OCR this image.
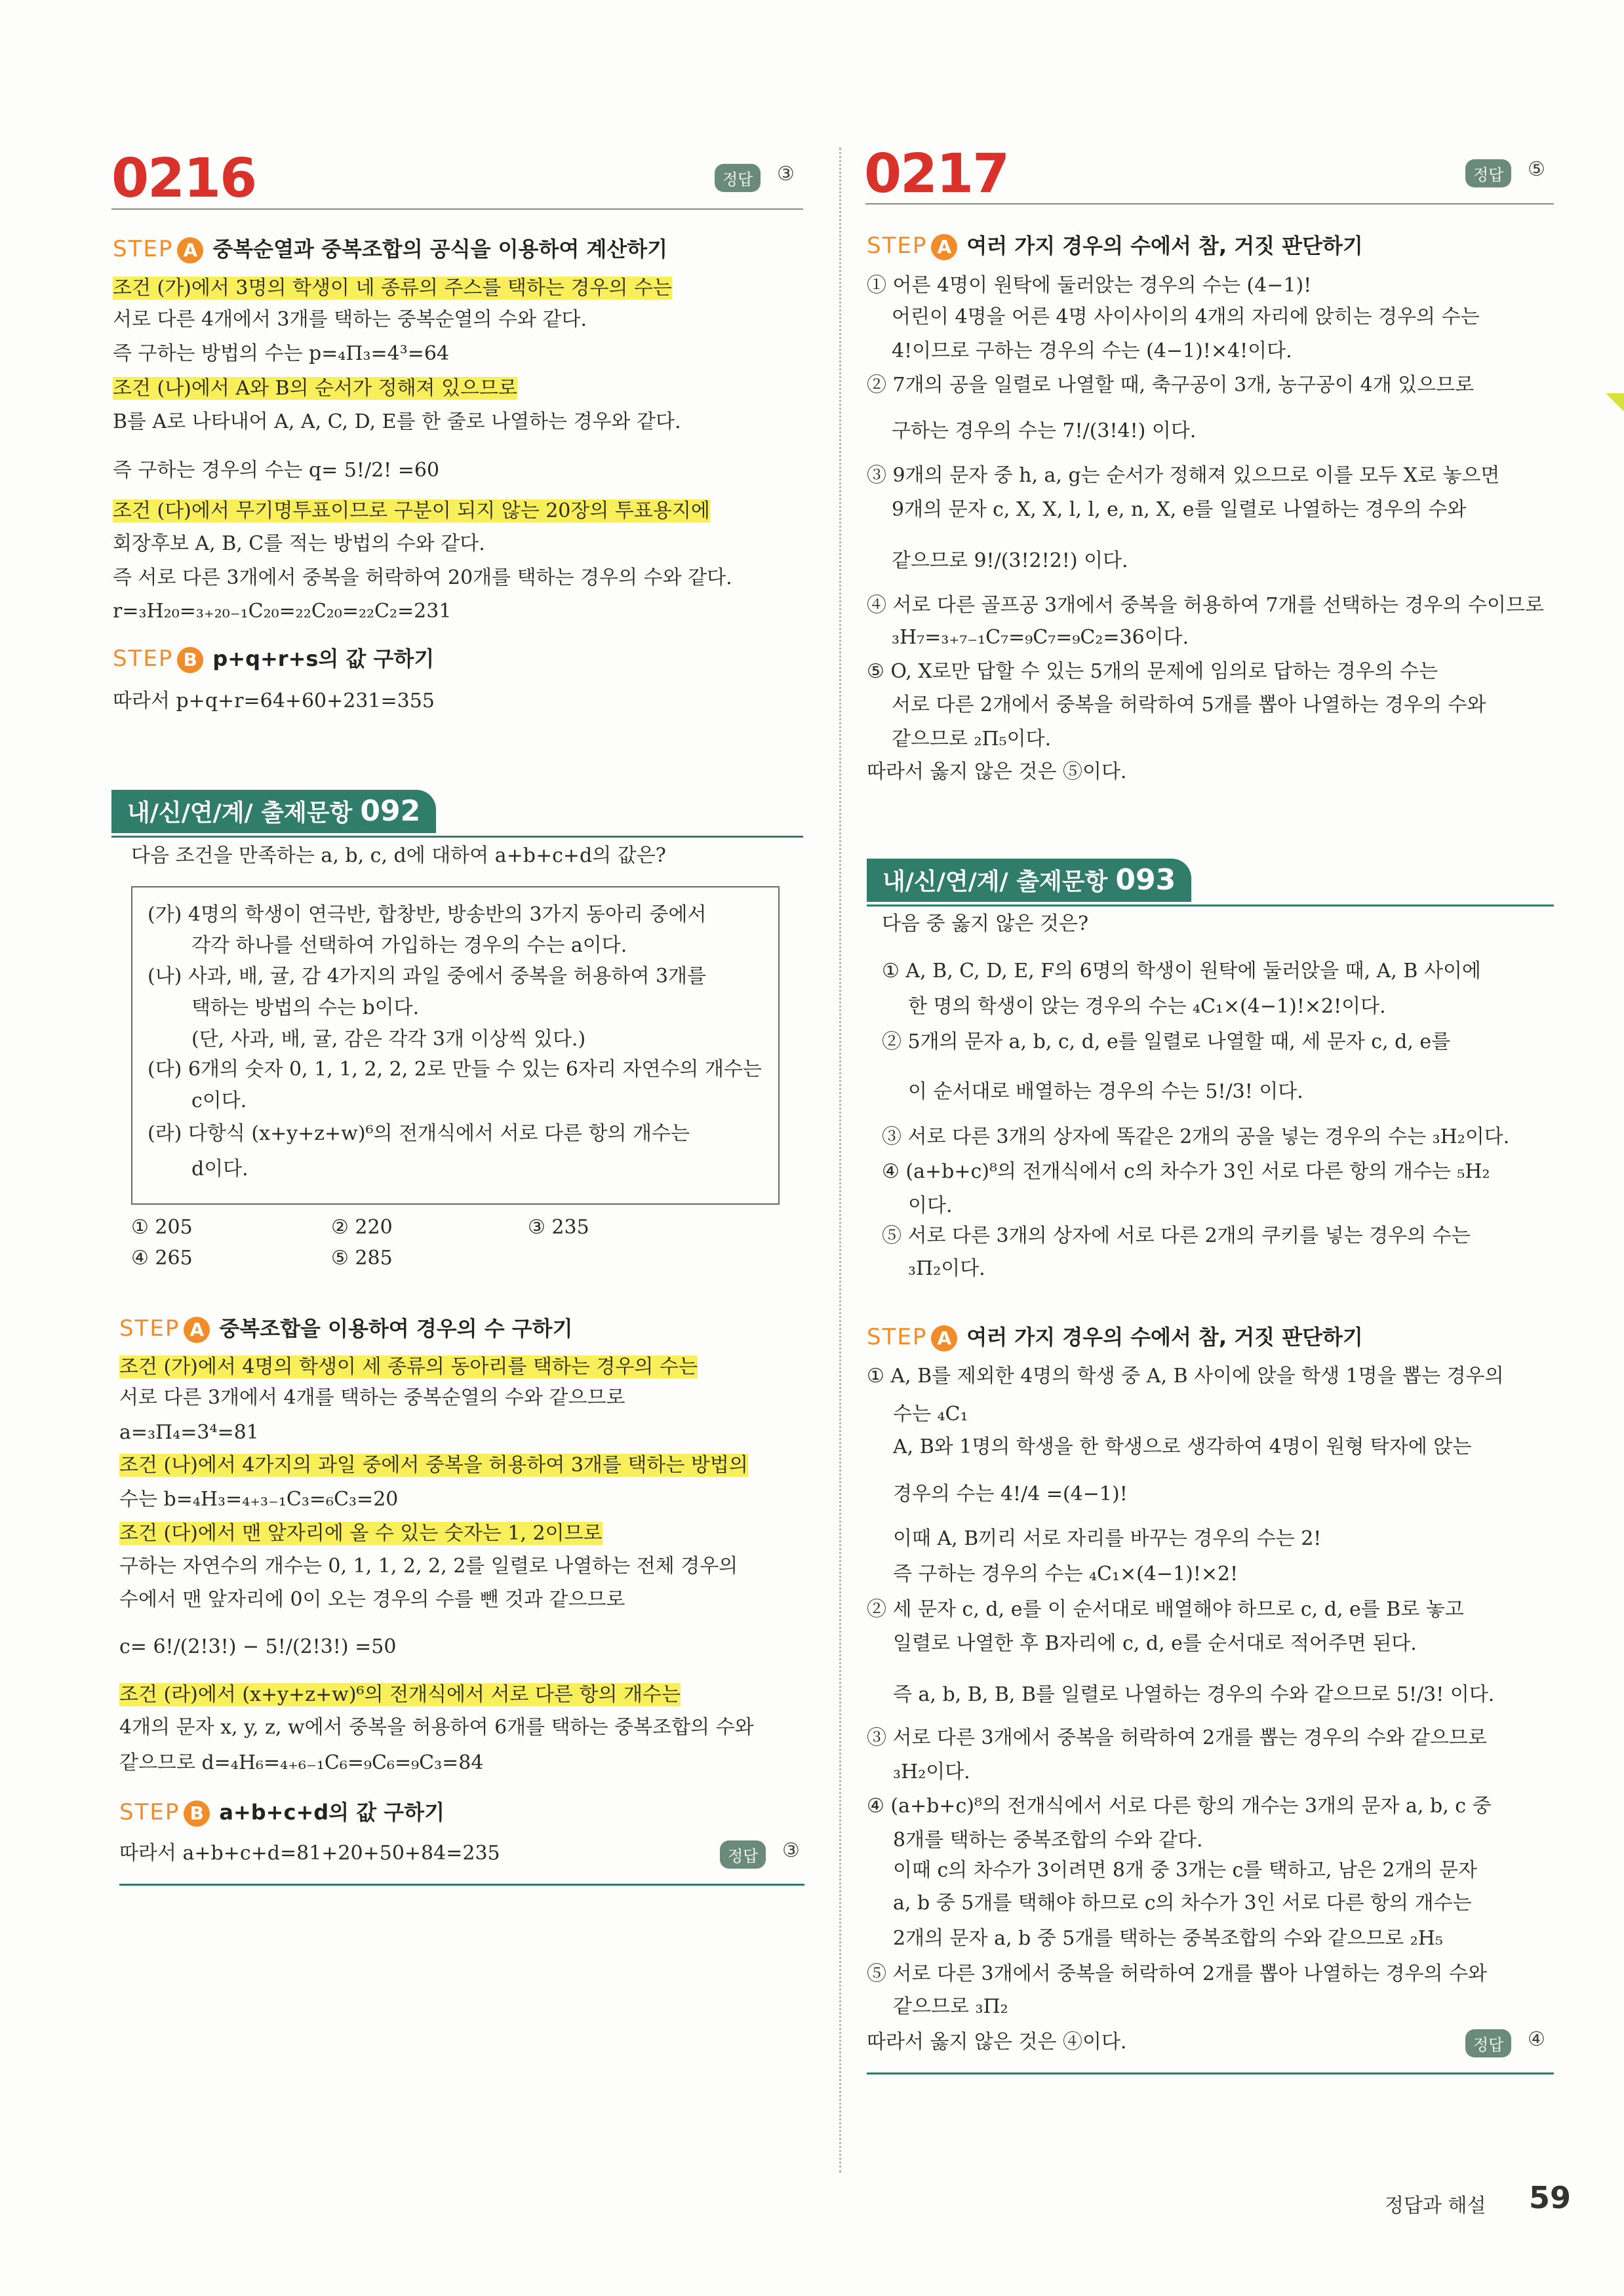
0216	정답	③
STEP A 중복순열과 중복조합의 공식을 이용하여 계산하기
조건 (가)에서 3명의 학생이 네 종류의 주스를 택하는 경우의 수는
서로 다른 4개에서 3개를 택하는 중복순열의 수와 같다.
즉 구하는 방법의 수는 p=₄Π₃=4³=64
조건 (나)에서 A와 B의 순서가 정해져 있으므로
B를 A로 나타내어 A, A, C, D, E를 한 줄로 나열하는 경우와 같다.
즉 구하는 경우의 수는 q= 5!/2! =60
조건 (다)에서 무기명투표이므로 구분이 되지 않는 20장의 투표용지에
회장후보 A, B, C를 적는 방법의 수와 같다.
즉 서로 다른 3개에서 중복을 허락하여 20개를 택하는 경우의 수와 같다.
r=₃H₂₀=₃₊₂₀₋₁C₂₀=₂₂C₂₀=₂₂C₂=231
STEP B p+q+r+s의 값 구하기
따라서 p+q+r=64+60+231=355
내/신/연/계/ 출제문항 092
다음 조건을 만족하는 a, b, c, d에 대하여 a+b+c+d의 값은?
(가) 4명의 학생이 연극반, 합창반, 방송반의 3가지 동아리 중에서
각각 하나를 선택하여 가입하는 경우의 수는 a이다.
(나) 사과, 배, 귤, 감 4가지의 과일 중에서 중복을 허용하여 3개를
택하는 방법의 수는 b이다.
(단, 사과, 배, 귤, 감은 각각 3개 이상씩 있다.)
(다) 6개의 숫자 0, 1, 1, 2, 2, 2로 만들 수 있는 6자리 자연수의 개수는
c이다.
(라) 다항식 (x+y+z+w)⁶의 전개식에서 서로 다른 항의 개수는
d이다.
① 205	② 220	③ 235
④ 265	⑤ 285
STEP A 중복조합을 이용하여 경우의 수 구하기
조건 (가)에서 4명의 학생이 세 종류의 동아리를 택하는 경우의 수는
서로 다른 3개에서 4개를 택하는 중복순열의 수와 같으므로
a=₃Π₄=3⁴=81
조건 (나)에서 4가지의 과일 중에서 중복을 허용하여 3개를 택하는 방법의
수는 b=₄H₃=₄₊₃₋₁C₃=₆C₃=20
조건 (다)에서 맨 앞자리에 올 수 있는 숫자는 1, 2이므로
구하는 자연수의 개수는 0, 1, 1, 2, 2, 2를 일렬로 나열하는 전체 경우의
수에서 맨 앞자리에 0이 오는 경우의 수를 뺀 것과 같으므로
c= 6!/(2!3!) − 5!/(2!3!) =50
조건 (라)에서 (x+y+z+w)⁶의 전개식에서 서로 다른 항의 개수는
4개의 문자 x, y, z, w에서 중복을 허용하여 6개를 택하는 중복조합의 수와
같으므로 d=₄H₆=₄₊₆₋₁C₆=₉C₆=₉C₃=84
STEP B a+b+c+d의 값 구하기
따라서 a+b+c+d=81+20+50+84=235	정답	③
0217	정답	⑤
STEP A 여러 가지 경우의 수에서 참, 거짓 판단하기
① 어른 4명이 원탁에 둘러앉는 경우의 수는 (4−1)!
어린이 4명을 어른 4명 사이사이의 4개의 자리에 앉히는 경우의 수는
4!이므로 구하는 경우의 수는 (4−1)!×4!이다.
② 7개의 공을 일렬로 나열할 때, 축구공이 3개, 농구공이 4개 있으므로
구하는 경우의 수는 7!/(3!4!) 이다.
③ 9개의 문자 중 h, a, g는 순서가 정해져 있으므로 이를 모두 X로 놓으면
9개의 문자 c, X, X, l, l, e, n, X, e를 일렬로 나열하는 경우의 수와
같으므로 9!/(3!2!2!) 이다.
④ 서로 다른 골프공 3개에서 중복을 허용하여 7개를 선택하는 경우의 수이므로
₃H₇=₃₊₇₋₁C₇=₉C₇=₉C₂=36이다.
⑤ O, X로만 답할 수 있는 5개의 문제에 임의로 답하는 경우의 수는
서로 다른 2개에서 중복을 허락하여 5개를 뽑아 나열하는 경우의 수와
같으므로 ₂Π₅이다.
따라서 옳지 않은 것은 ⑤이다.
내/신/연/계/ 출제문항 093
다음 중 옳지 않은 것은?
① A, B, C, D, E, F의 6명의 학생이 원탁에 둘러앉을 때, A, B 사이에
한 명의 학생이 앉는 경우의 수는 ₄C₁×(4−1)!×2!이다.
② 5개의 문자 a, b, c, d, e를 일렬로 나열할 때, 세 문자 c, d, e를
이 순서대로 배열하는 경우의 수는 5!/3! 이다.
③ 서로 다른 3개의 상자에 똑같은 2개의 공을 넣는 경우의 수는 ₃H₂이다.
④ (a+b+c)⁸의 전개식에서 c의 차수가 3인 서로 다른 항의 개수는 ₅H₂
이다.
⑤ 서로 다른 3개의 상자에 서로 다른 2개의 쿠키를 넣는 경우의 수는
₃Π₂이다.
STEP A 여러 가지 경우의 수에서 참, 거짓 판단하기
① A, B를 제외한 4명의 학생 중 A, B 사이에 앉을 학생 1명을 뽑는 경우의
수는 ₄C₁
A, B와 1명의 학생을 한 학생으로 생각하여 4명이 원형 탁자에 앉는
경우의 수는 4!/4 =(4−1)!
이때 A, B끼리 서로 자리를 바꾸는 경우의 수는 2!
즉 구하는 경우의 수는 ₄C₁×(4−1)!×2!
② 세 문자 c, d, e를 이 순서대로 배열해야 하므로 c, d, e를 B로 놓고
일렬로 나열한 후 B자리에 c, d, e를 순서대로 적어주면 된다.
즉 a, b, B, B, B를 일렬로 나열하는 경우의 수와 같으므로 5!/3! 이다.
③ 서로 다른 3개에서 중복을 허락하여 2개를 뽑는 경우의 수와 같으므로
₃H₂이다.
④ (a+b+c)⁸의 전개식에서 서로 다른 항의 개수는 3개의 문자 a, b, c 중
8개를 택하는 중복조합의 수와 같다.
이때 c의 차수가 3이려면 8개 중 3개는 c를 택하고, 남은 2개의 문자
a, b 중 5개를 택해야 하므로 c의 차수가 3인 서로 다른 항의 개수는
2개의 문자 a, b 중 5개를 택하는 중복조합의 수와 같으므로 ₂H₅
⑤ 서로 다른 3개에서 중복을 허락하여 2개를 뽑아 나열하는 경우의 수와
같으므로 ₃Π₂
따라서 옳지 않은 것은 ④이다.	정답	④
정답과 해설 59
